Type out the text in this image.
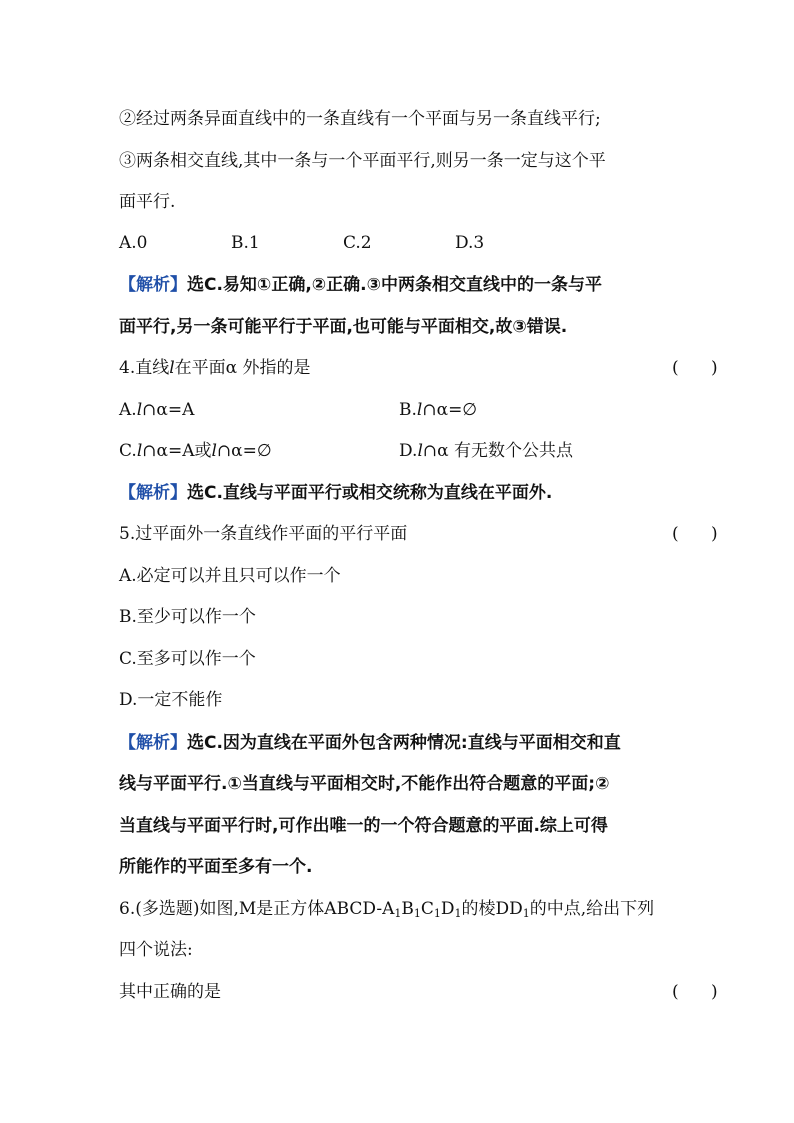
②经过两条异面直线中的一条直线有一个平面与另一条直线平行;
③两条相交直线,其中一条与一个平面平行,则另一条一定与这个平
面平行.
A.0	B.1	C.2	D.3
【解析】选C.易知①正确,②正确.③中两条相交直线中的一条与平
面平行,另一条可能平行于平面,也可能与平面相交,故③错误.
4.直线l在平面α 外指的是	(      )
A.l∩α=A	B.l∩α=∅
C.l∩α=A或l∩α=∅	D.l∩α 有无数个公共点
【解析】选C.直线与平面平行或相交统称为直线在平面外.
5.过平面外一条直线作平面的平行平面	(      )
A.必定可以并且只可以作一个
B.至少可以作一个
C.至多可以作一个
D.一定不能作
【解析】选C.因为直线在平面外包含两种情况:直线与平面相交和直
线与平面平行.①当直线与平面相交时,不能作出符合题意的平面;②
当直线与平面平行时,可作出唯一的一个符合题意的平面.综上可得
所能作的平面至多有一个.
6.(多选题)如图,M是正方体ABCD-$A_1B_1C_1D_1$的棱$DD_1$的中点,给出下列
四个说法:
其中正确的是	(      )
